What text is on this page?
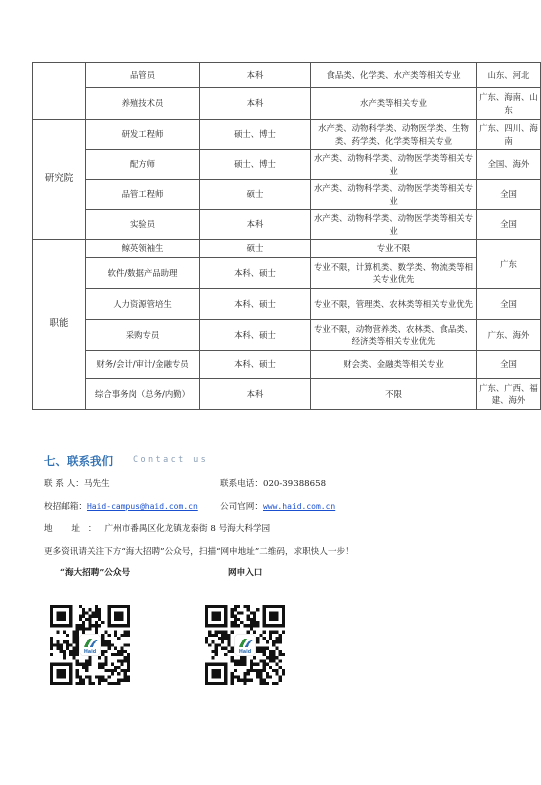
	品管员	本科	食品类、化学类、水产类等相关专业	山东、河北
	养殖技术员	本科	水产类等相关专业	广东、海南、山东
研究院	研发工程师	硕士、博士	水产类、动物科学类、动物医学类、生物类、药学类、化学类等相关专业	广东、四川、海南
	配方师	硕士、博士	水产类、动物科学类、动物医学类等相关专业	全国、海外
	品管工程师	硕士	水产类、动物科学类、动物医学类等相关专业	全国
	实验员	本科	水产类、动物科学类、动物医学类等相关专业	全国
职能	鲸英领袖生	硕士	专业不限	广东
	软件/数据产品助理	本科、硕士	专业不限，计算机类、数学类、物流类等相关专业优先	
	人力资源管培生	本科、硕士	专业不限，管理类、农林类等相关专业优先	全国
	采购专员	本科、硕士	专业不限，动物营养类、农林类、食品类、经济类等相关专业优先	广东、海外
	财务/会计/审计/金融专员	本科、硕士	财会类、金融类等相关专业	全国
	综合事务岗（总务/内勤）	本科	不限	广东、广西、福建、海外
七、联系我们 Contact us
联 系 人：马先生	联系电话：020-39388658
校招邮箱：Haid-campus@haid.com.cn	公司官网：www.haid.com.cn
地 址：广州市番禺区化龙镇龙泰街 8 号海大科学园
更多资讯请关注下方“海大招聘”公众号，扫描“网申地址”二维码，求职快人一步！
“海大招聘”公众号	网申入口
Haid	Haid
